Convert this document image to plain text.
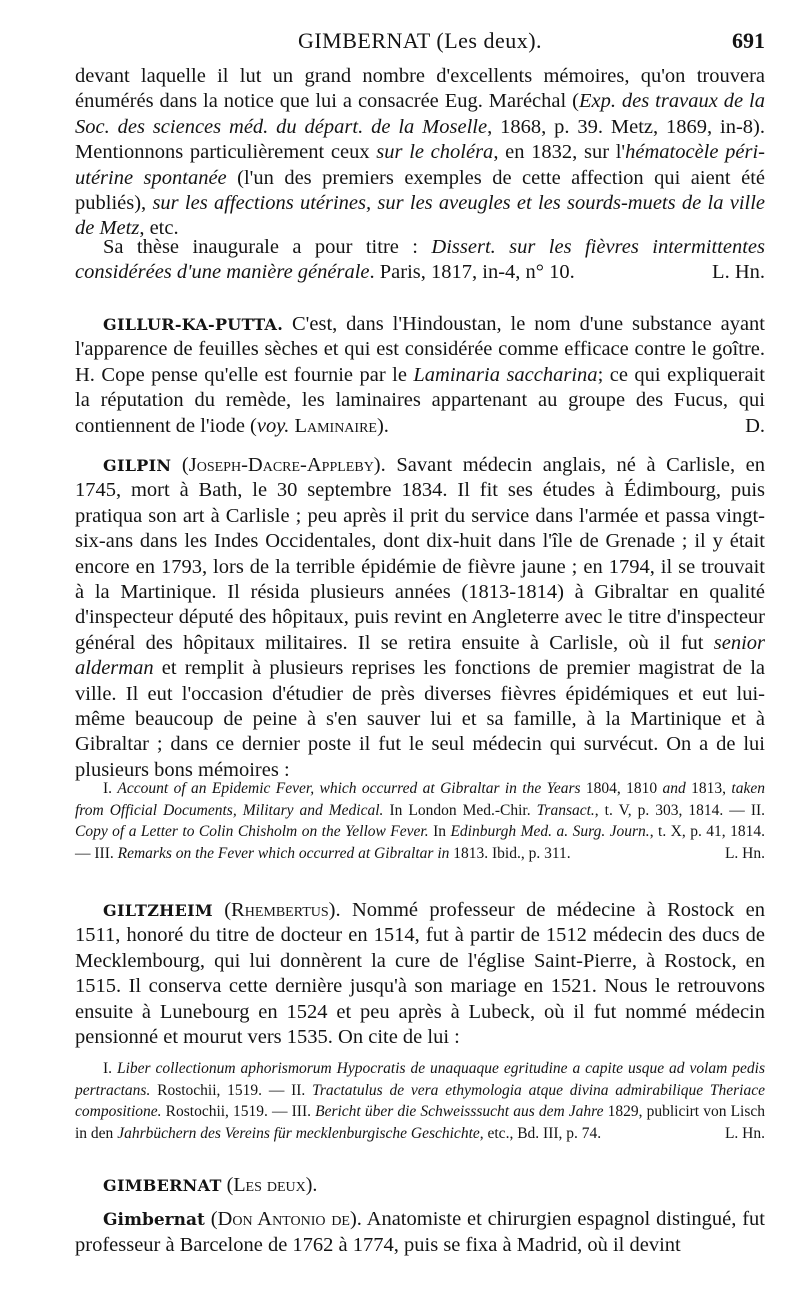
GIMBERNAT (Les deux).	691

devant laquelle il lut un grand nombre d'excellents mémoires, qu'on trouvera énumérés dans la notice que lui a consacrée Eug. Maréchal (Exp. des travaux de la Soc. des sciences méd. du départ. de la Moselle, 1868, p. 39. Metz, 1869, in-8). Mentionnons particulièrement ceux sur le choléra, en 1832, sur l'hématocèle péri-utérine spontanée (l'un des premiers exemples de cette affection qui aient été publiés), sur les affections utérines, sur les aveugles et les sourds-muets de la ville de Metz, etc.

Sa thèse inaugurale a pour titre : Dissert. sur les fièvres intermittentes considérées d'une manière générale. Paris, 1817, in-4, n° 10.	L. Hn.

GILLUR-KA-PUTTA. C'est, dans l'Hindoustan, le nom d'une substance ayant l'apparence de feuilles sèches et qui est considérée comme efficace contre le goître. H. Cope pense qu'elle est fournie par le Laminaria saccharina; ce qui expliquerait la réputation du remède, les laminaires appartenant au groupe des Fucus, qui contiennent de l'iode (voy. Laminaire).	D.

GILPIN (Joseph-Dacre-Appleby). Savant médecin anglais, né à Carlisle, en 1745, mort à Bath, le 30 septembre 1834. Il fit ses études à Édimbourg, puis pratiqua son art à Carlisle ; peu après il prit du service dans l'armée et passa vingt-six-ans dans les Indes Occidentales, dont dix-huit dans l'île de Grenade ; il y était encore en 1793, lors de la terrible épidémie de fièvre jaune ; en 1794, il se trouvait à la Martinique. Il résida plusieurs années (1813-1814) à Gibraltar en qualité d'inspecteur député des hôpitaux, puis revint en Angleterre avec le titre d'inspecteur général des hôpitaux militaires. Il se retira ensuite à Carlisle, où il fut senior alderman et remplit à plusieurs reprises les fonctions de premier magistrat de la ville. Il eut l'occasion d'étudier de près diverses fièvres épidémiques et eut lui-même beaucoup de peine à s'en sauver lui et sa famille, à la Martinique et à Gibraltar ; dans ce dernier poste il fut le seul médecin qui survécut. On a de lui plusieurs bons mémoires :

I. Account of an Epidemic Fever, which occurred at Gibraltar in the Years 1804, 1810 and 1813, taken from Official Documents, Military and Medical. In London Med.-Chir. Transact., t. V, p. 303, 1814. — II. Copy of a Letter to Colin Chisholm on the Yellow Fever. In Edinburgh Med. a. Surg. Journ., t. X, p. 41, 1814. — III. Remarks on the Fever which occurred at Gibraltar in 1813. Ibid., p. 311.	L. Hn.

GILTZHEIM (Rhembertus). Nommé professeur de médecine à Rostock en 1511, honoré du titre de docteur en 1514, fut à partir de 1512 médecin des ducs de Mecklembourg, qui lui donnèrent la cure de l'église Saint-Pierre, à Rostock, en 1515. Il conserva cette dernière jusqu'à son mariage en 1521. Nous le retrouvons ensuite à Lunebourg en 1524 et peu après à Lubeck, où il fut nommé médecin pensionné et mourut vers 1535. On cite de lui :

I. Liber collectionum aphorismorum Hypocratis de unaquaque egritudine a capite usque ad volam pedis pertractans. Rostochii, 1519. — II. Tractatulus de vera ethymologia atque divina admirabilique Theriace compositione. Rostochii, 1519. — III. Bericht über die Schweisssucht aus dem Jahre 1829, publicirt von Lisch in den Jahrbüchern des Vereins für mecklenburgische Geschichte, etc., Bd. III, p. 74.	L. Hn.

GIMBERNAT (Les deux).

Gimbernat (Don Antonio de). Anatomiste et chirurgien espagnol distingué, fut professeur à Barcelone de 1762 à 1774, puis se fixa à Madrid, où il devint
